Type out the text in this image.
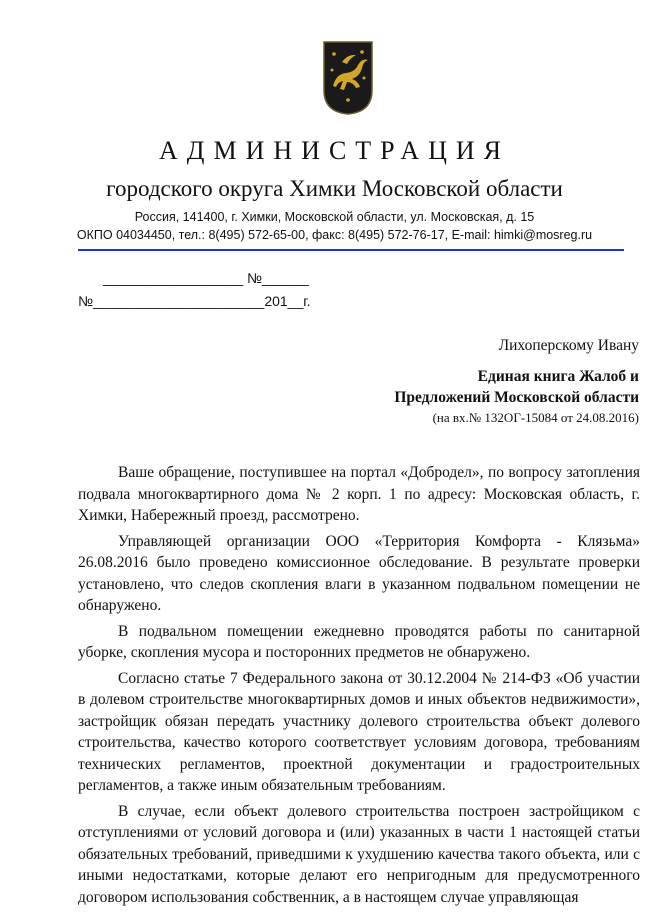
АДМИНИСТРАЦИЯ
городского округа Химки Московской области
Россия, 141400, г. Химки, Московской области, ул. Московская, д. 15
ОКПО 04034450, тел.: 8(495) 572-65-00, факс: 8(495) 572-76-17, E-mail: himki@mosreg.ru
__________________ №______
№______________________201__г.
Лихоперскому Ивану
Единая книга Жалоб и
Предложений Московской области
(на вх.№ 132ОГ-15084 от 24.08.2016)

Ваше обращение, поступившее на портал «Добродел», по вопросу затопления подвала многоквартирного дома № 2 корп. 1 по адресу: Московская область, г. Химки, Набережный проезд, рассмотрено.

Управляющей организации ООО «Территория Комфорта - Клязьма» 26.08.2016 было проведено комиссионное обследование. В результате проверки установлено, что следов скопления влаги в указанном подвальном помещении не обнаружено.

В подвальном помещении ежедневно проводятся работы по санитарной уборке, скопления мусора и посторонних предметов не обнаружено.

Согласно статье 7 Федерального закона от 30.12.2004 № 214-ФЗ «Об участии в долевом строительстве многоквартирных домов и иных объектов недвижимости», застройщик обязан передать участнику долевого строительства объект долевого строительства, качество которого соответствует условиям договора, требованиям технических регламентов, проектной документации и градостроительных регламентов, а также иным обязательным требованиям.

В случае, если объект долевого строительства построен застройщиком с отступлениями от условий договора и (или) указанных в части 1 настоящей статьи обязательных требований, приведшими к ухудшению качества такого объекта, или с иными недостатками, которые делают его непригодным для предусмотренного договором использования собственник, а в настоящем случае управляющая
